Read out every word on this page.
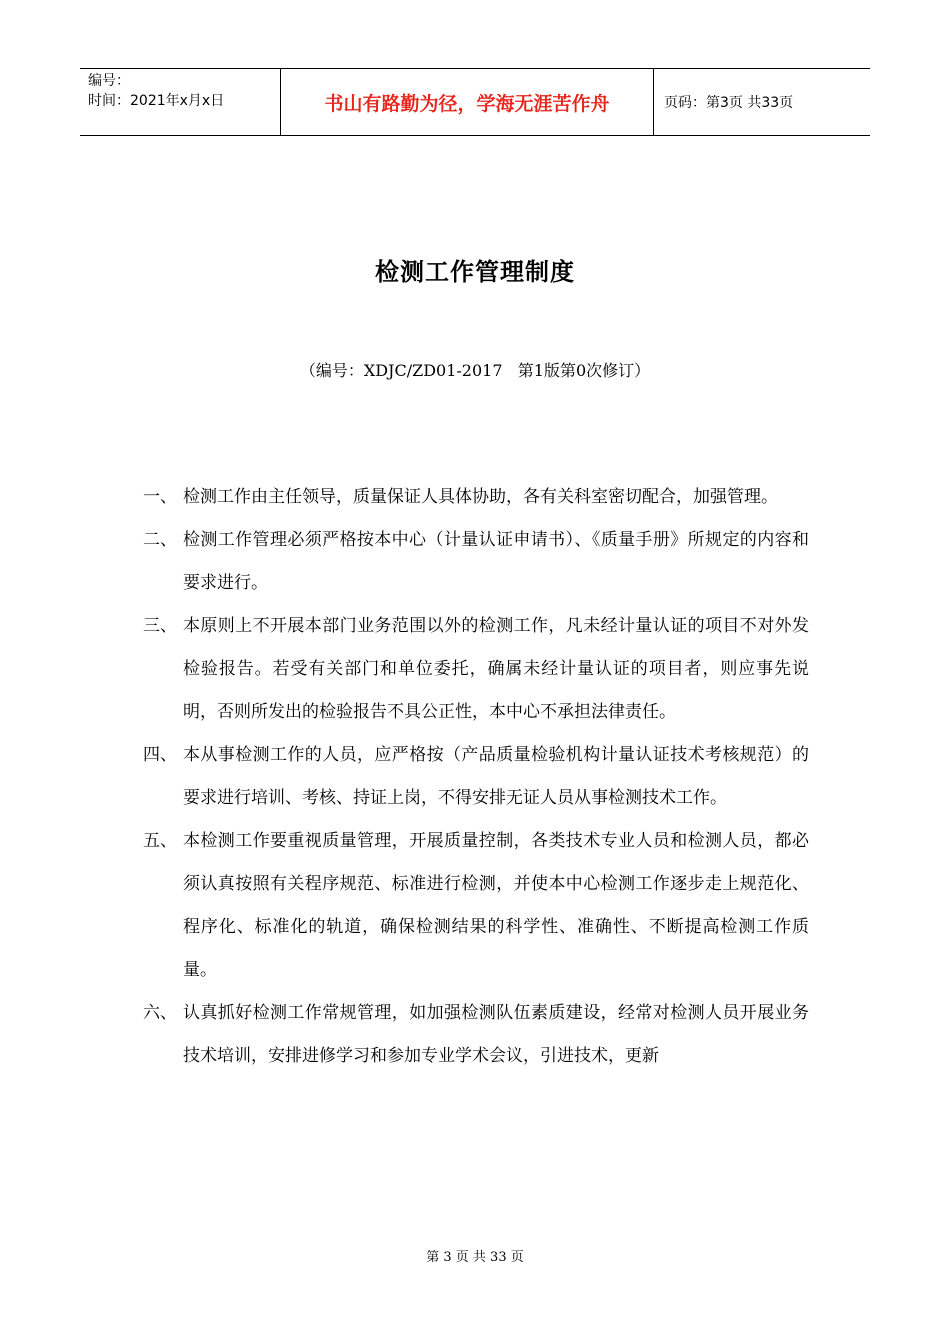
编号：
时间：2021年x月x日	书山有路勤为径，学海无涯苦作舟	页码：第3页 共33页
检测工作管理制度
（编号：XDJC/ZD01-2017   第1版第0次修订）
一、 检测工作由主任领导，质量保证人具体协助，各有关科室密切配合，加强管理。
二、 检测工作管理必须严格按本中心（计量认证申请书）、《质量手册》所规定的内容和要求进行。
三、 本原则上不开展本部门业务范围以外的检测工作，凡未经计量认证的项目不对外发检验报告。若受有关部门和单位委托，确属未经计量认证的项目者，则应事先说明，否则所发出的检验报告不具公正性，本中心不承担法律责任。
四、 本从事检测工作的人员，应严格按（产品质量检验机构计量认证技术考核规范）的要求进行培训、考核、持证上岗，不得安排无证人员从事检测技术工作。
五、 本检测工作要重视质量管理，开展质量控制，各类技术专业人员和检测人员，都必须认真按照有关程序规范、标准进行检测，并使本中心检测工作逐步走上规范化、程序化、标准化的轨道，确保检测结果的科学性、准确性、不断提高检测工作质量。
六、 认真抓好检测工作常规管理，如加强检测队伍素质建设，经常对检测人员开展业务技术培训，安排进修学习和参加专业学术会议，引进技术，更新
第 3 页 共 33 页
